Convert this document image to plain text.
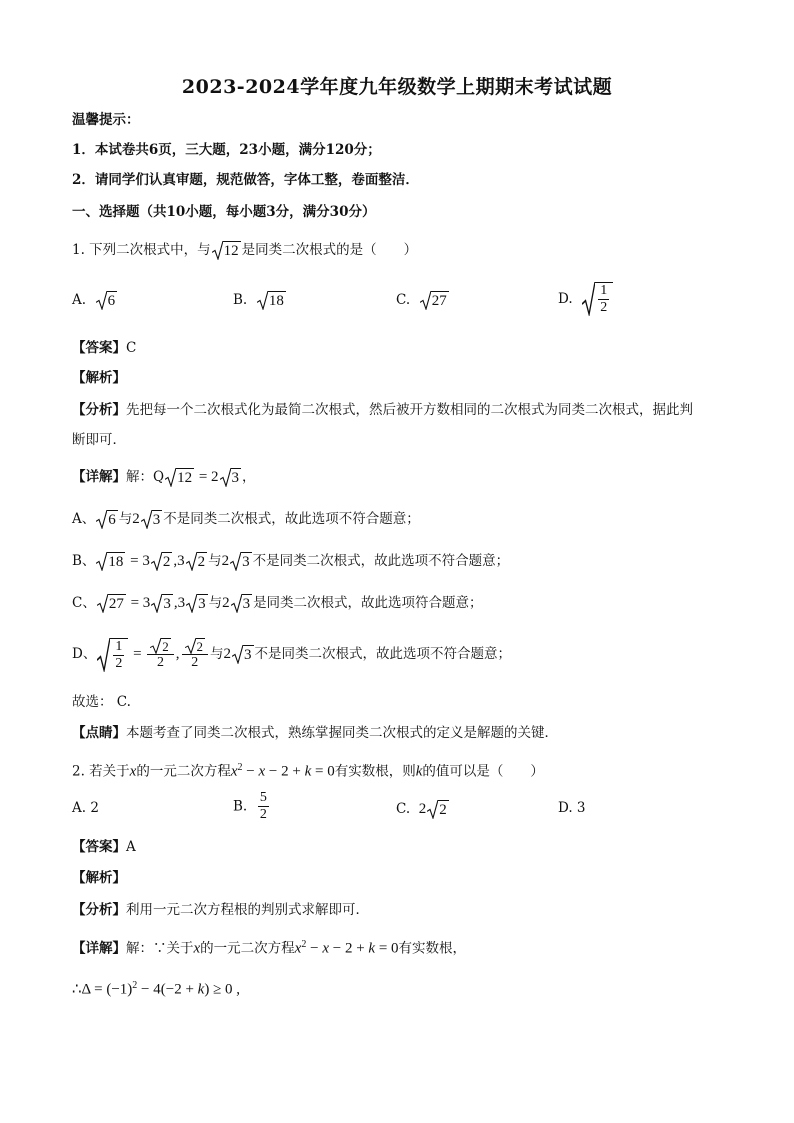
2023-2024学年度九年级数学上期期末考试试题
温馨提示：
1．本试卷共6页，三大题，23小题，满分120分；
2．请同学们认真审题，规范做答，字体工整，卷面整洁．
一、选择题（共10小题，每小题3分，满分30分）
1. 下列二次根式中，与 12 是同类二次根式的是（　　）
A. 6	B. 18	C. 27	D. $\frac{1}{2}$
【答案】C
【解析】
【分析】先把每一个二次根式化为最简二次根式，然后被开方数相同的二次根式为同类二次根式，据此判
断即可．
【详解】解：Q 12 = 2 3 ，
A、 6 与2 3 不是同类二次根式，故此选项不符合题意；
B、 18 = 3 2 ,3 2 与2 3 不是同类二次根式，故此选项不符合题意；
C、 27 = 3 3 ,3 3 与2 3 是同类二次根式，故此选项符合题意；
D、 $\frac{1}{2} = \frac{2}{2}$ , $\frac{2}{2}$ 与2 3 不是同类二次根式，故此选项不符合题意；
故选： C.
【点睛】本题考查了同类二次根式，熟练掌握同类二次根式的定义是解题的关键．
2. 若关于x的一元二次方程$x^2 - x - 2 + k = 0$有实数根，则k的值可以是（　　）
A. 2	B. $\frac{5}{2}$	C. 2 2	D. 3
【答案】A
【解析】
【分析】利用一元二次方程根的判别式求解即可．
【详解】解：∵关于x的一元二次方程$x^2 - x - 2 + k = 0$有实数根，
∴Δ = $(-1)^2 - 4(-2 + k) \ge 0$ ,
